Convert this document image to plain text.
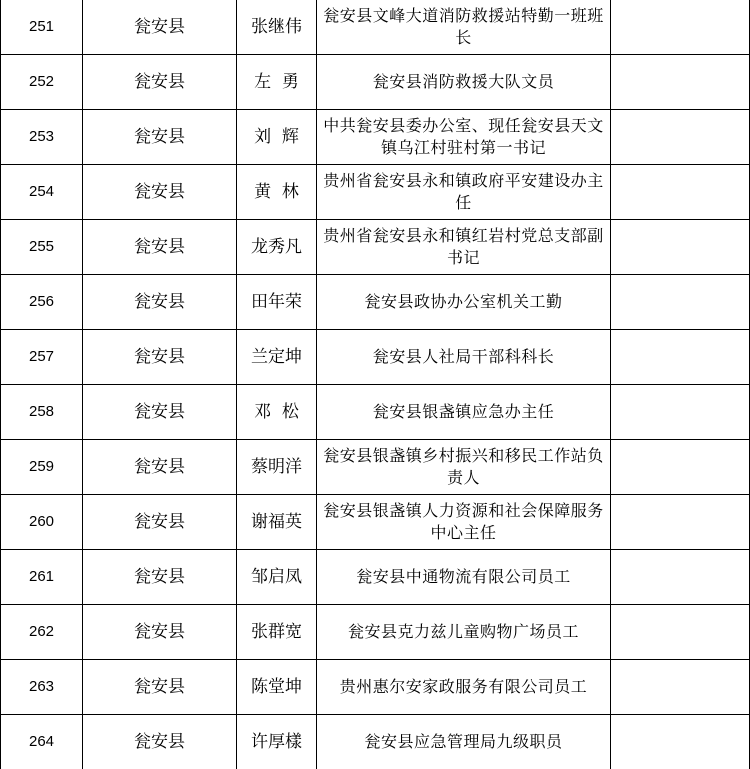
251	瓮安县	张继伟	瓮安县文峰大道消防救援站特勤一班班长	
252	瓮安县	左  勇	瓮安县消防救援大队文员	
253	瓮安县	刘  辉	中共瓮安县委办公室、现任瓮安县天文镇乌江村驻村第一书记	
254	瓮安县	黄  林	贵州省瓮安县永和镇政府平安建设办主任	
255	瓮安县	龙秀凡	贵州省瓮安县永和镇红岩村党总支部副书记	
256	瓮安县	田年荣	瓮安县政协办公室机关工勤	
257	瓮安县	兰定坤	瓮安县人社局干部科科长	
258	瓮安县	邓  松	瓮安县银盏镇应急办主任	
259	瓮安县	蔡明洋	瓮安县银盏镇乡村振兴和移民工作站负责人	
260	瓮安县	谢福英	瓮安县银盏镇人力资源和社会保障服务中心主任	
261	瓮安县	邹启凤	瓮安县中通物流有限公司员工	
262	瓮安县	张群宽	瓮安县克力兹儿童购物广场员工	
263	瓮安县	陈堂坤	贵州惠尔安家政服务有限公司员工	
264	瓮安县	许厚樣	瓮安县应急管理局九级职员	
